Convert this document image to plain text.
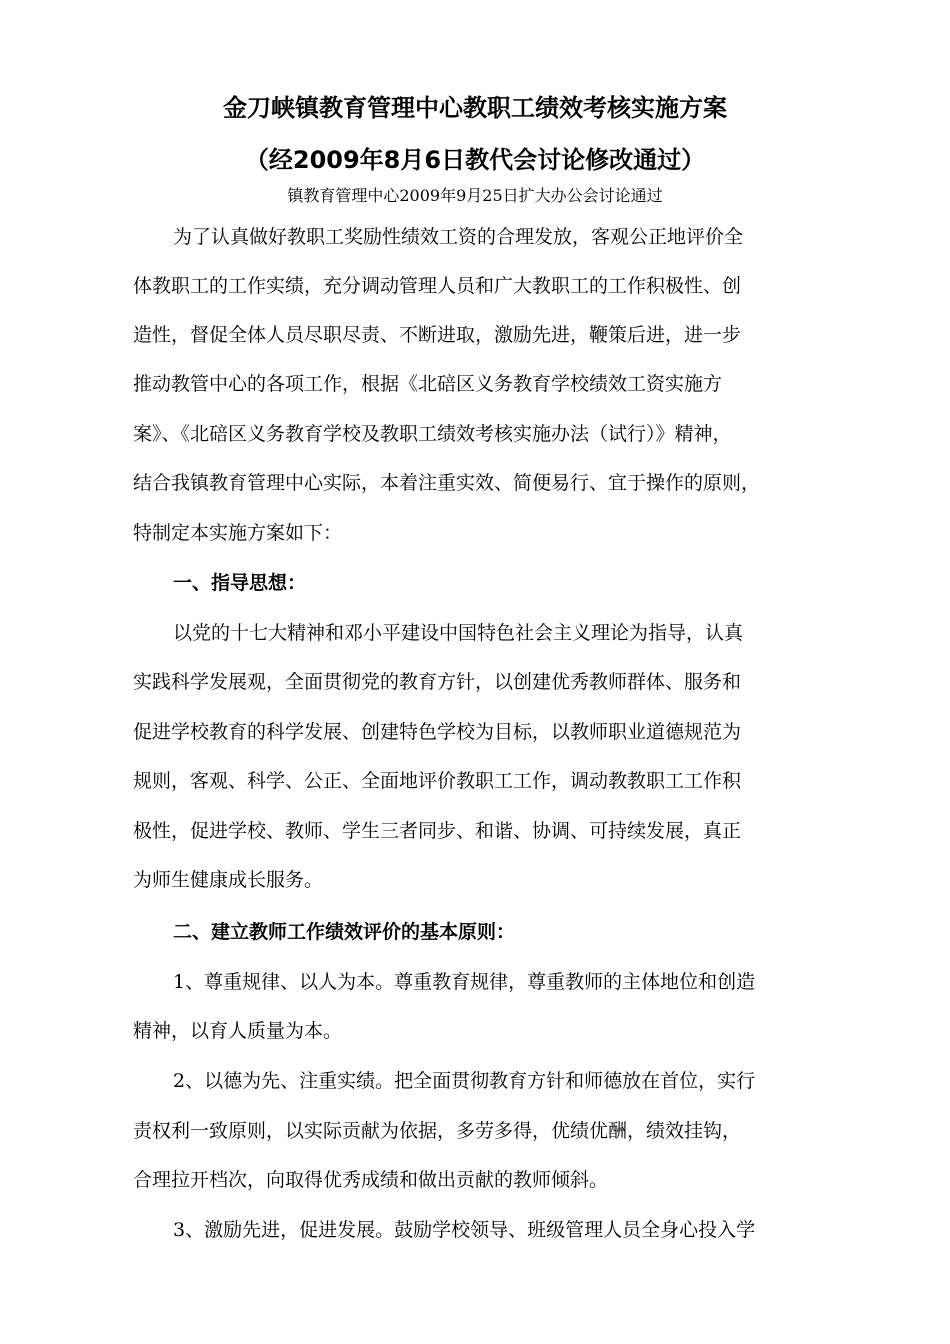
金刀峡镇教育管理中心教职工绩效考核实施方案
（经2009年8月6日教代会讨论修改通过）
镇教育管理中心2009年9月25日扩大办公会讨论通过
为了认真做好教职工奖励性绩效工资的合理发放，客观公正地评价全
体教职工的工作实绩，充分调动管理人员和广大教职工的工作积极性、创
造性，督促全体人员尽职尽责、不断进取，激励先进，鞭策后进，进一步
推动教管中心的各项工作，根据《北碚区义务教育学校绩效工资实施方
案》、《北碚区义务教育学校及教职工绩效考核实施办法（试行）》精神，
结合我镇教育管理中心实际，本着注重实效、简便易行、宜于操作的原则，
特制定本实施方案如下：
一、指导思想：
以党的十七大精神和邓小平建设中国特色社会主义理论为指导，认真
实践科学发展观，全面贯彻党的教育方针，以创建优秀教师群体、服务和
促进学校教育的科学发展、创建特色学校为目标，以教师职业道德规范为
规则，客观、科学、公正、全面地评价教职工工作，调动教教职工工作积
极性，促进学校、教师、学生三者同步、和谐、协调、可持续发展，真正
为师生健康成长服务。
二、建立教师工作绩效评价的基本原则：
1、尊重规律、以人为本。尊重教育规律，尊重教师的主体地位和创造
精神，以育人质量为本。
2、以德为先、注重实绩。把全面贯彻教育方针和师德放在首位，实行
责权利一致原则，以实际贡献为依据，多劳多得，优绩优酬，绩效挂钩，
合理拉开档次，向取得优秀成绩和做出贡献的教师倾斜。
3、激励先进，促进发展。鼓励学校领导、班级管理人员全身心投入学
